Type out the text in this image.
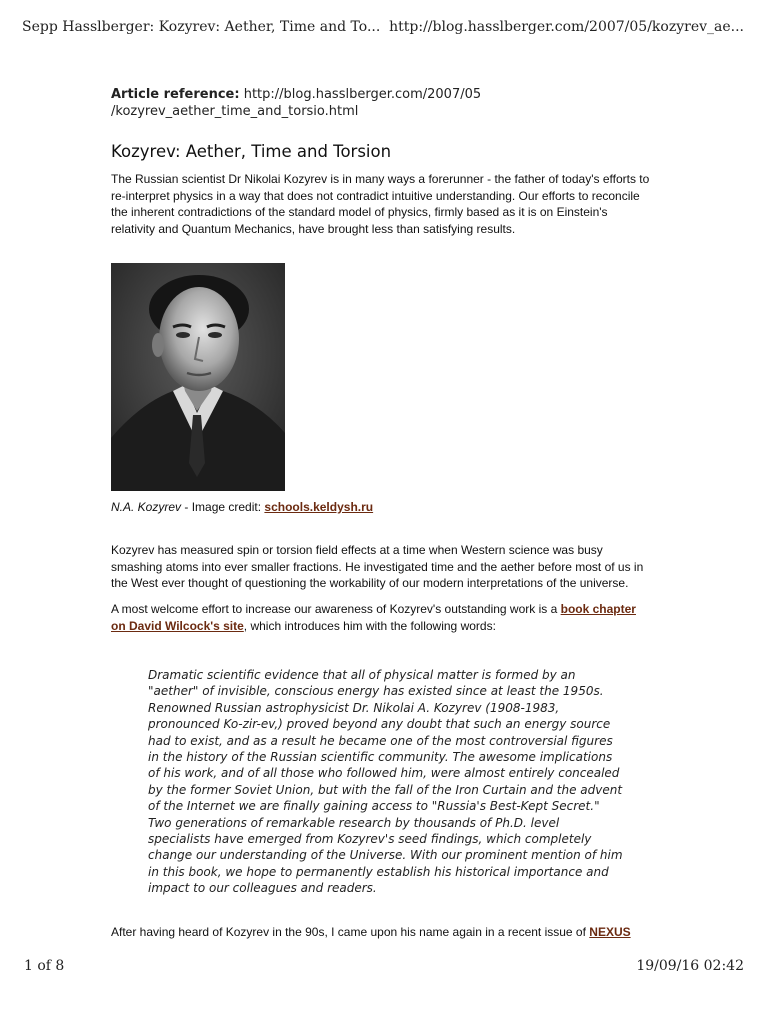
Sepp Hasslberger: Kozyrev: Aether, Time and To... http://blog.hasslberger.com/2007/05/kozyrev_ae...
Article reference: http://blog.hasslberger.com/2007/05
/kozyrev_aether_time_and_torsio.html
Kozyrev: Aether, Time and Torsion

The Russian scientist Dr Nikolai Kozyrev is in many ways a forerunner - the father of today's efforts to re-interpret physics in a way that does not contradict intuitive understanding. Our efforts to reconcile the inherent contradictions of the standard model of physics, firmly based as it is on Einstein's relativity and Quantum Mechanics, have brought less than satisfying results.

N.A. Kozyrev - Image credit: schools.keldysh.ru

Kozyrev has measured spin or torsion field effects at a time when Western science was busy smashing atoms into ever smaller fractions. He investigated time and the aether before most of us in the West ever thought of questioning the workability of our modern interpretations of the universe.

A most welcome effort to increase our awareness of Kozyrev's outstanding work is a book chapter on David Wilcock's site, which introduces him with the following words:

Dramatic scientific evidence that all of physical matter is formed by an "aether" of invisible, conscious energy has existed since at least the 1950s. Renowned Russian astrophysicist Dr. Nikolai A. Kozyrev (1908-1983, pronounced Ko-zir-ev,) proved beyond any doubt that such an energy source had to exist, and as a result he became one of the most controversial figures in the history of the Russian scientific community. The awesome implications of his work, and of all those who followed him, were almost entirely concealed by the former Soviet Union, but with the fall of the Iron Curtain and the advent of the Internet we are finally gaining access to "Russia's Best-Kept Secret." Two generations of remarkable research by thousands of Ph.D. level specialists have emerged from Kozyrev's seed findings, which completely change our understanding of the Universe. With our prominent mention of him in this book, we hope to permanently establish his historical importance and impact to our colleagues and readers.

After having heard of Kozyrev in the 90s, I came upon his name again in a recent issue of NEXUS

1 of 8	19/09/16 02:42
